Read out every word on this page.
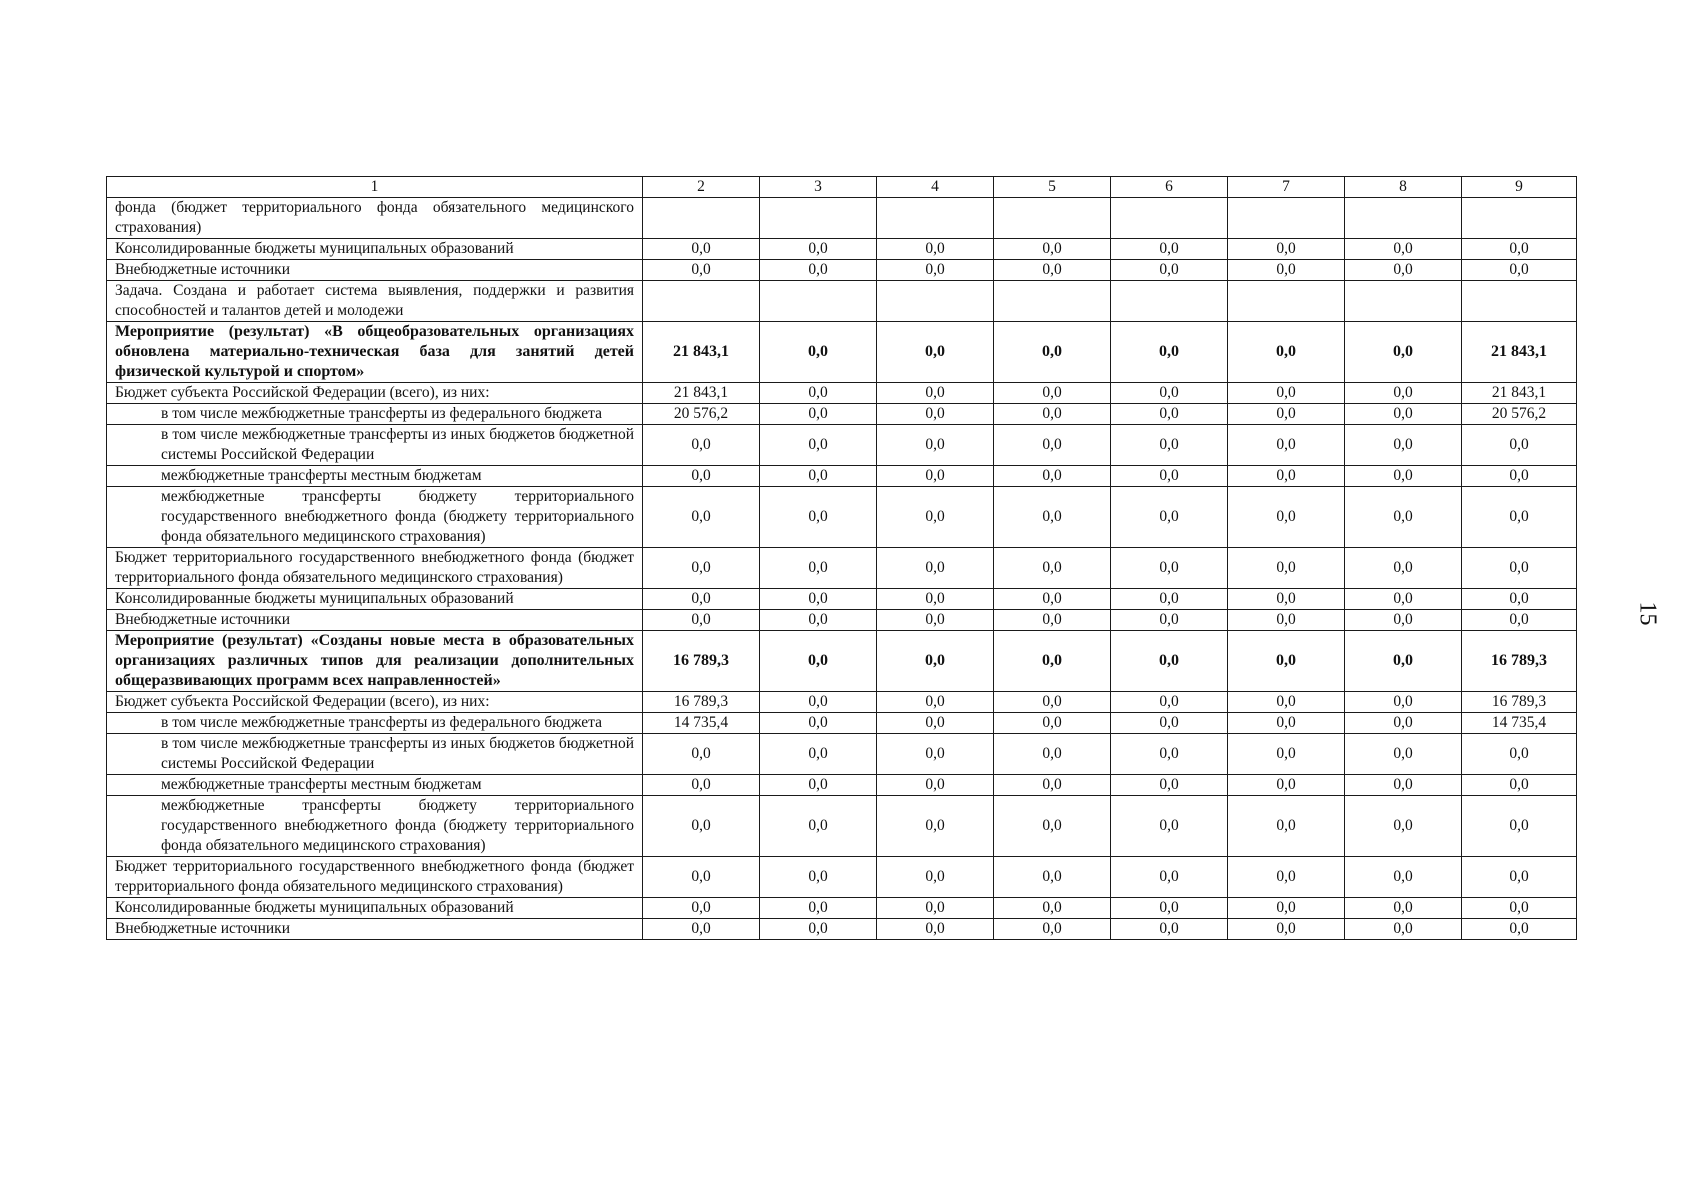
1	2	3	4	5	6	7	8	9
фонда (бюджет территориального фонда обязательного медицинского страхования)								
Консолидированные бюджеты муниципальных образований	0,0	0,0	0,0	0,0	0,0	0,0	0,0	0,0
Внебюджетные источники	0,0	0,0	0,0	0,0	0,0	0,0	0,0	0,0
Задача. Создана и работает система выявления, поддержки и развития способностей и талантов детей и молодежи								
Мероприятие (результат) «В общеобразовательных организациях обновлена материально-техническая база для занятий детей физической культурой и спортом»	21 843,1	0,0	0,0	0,0	0,0	0,0	0,0	21 843,1
Бюджет субъекта Российской Федерации (всего), из них:	21 843,1	0,0	0,0	0,0	0,0	0,0	0,0	21 843,1
в том числе межбюджетные трансферты из федерального бюджета	20 576,2	0,0	0,0	0,0	0,0	0,0	0,0	20 576,2
в том числе межбюджетные трансферты из иных бюджетов бюджетной системы Российской Федерации	0,0	0,0	0,0	0,0	0,0	0,0	0,0	0,0
межбюджетные трансферты местным бюджетам	0,0	0,0	0,0	0,0	0,0	0,0	0,0	0,0
межбюджетные трансферты бюджету территориального государственного внебюджетного фонда (бюджету территориального фонда обязательного медицинского страхования)	0,0	0,0	0,0	0,0	0,0	0,0	0,0	0,0
Бюджет территориального государственного внебюджетного фонда (бюджет территориального фонда обязательного медицинского страхования)	0,0	0,0	0,0	0,0	0,0	0,0	0,0	0,0
Консолидированные бюджеты муниципальных образований	0,0	0,0	0,0	0,0	0,0	0,0	0,0	0,0
Внебюджетные источники	0,0	0,0	0,0	0,0	0,0	0,0	0,0	0,0
Мероприятие (результат) «Созданы новые места в образовательных организациях различных типов для реализации дополнительных общеразвивающих программ всех направленностей»	16 789,3	0,0	0,0	0,0	0,0	0,0	0,0	16 789,3
Бюджет субъекта Российской Федерации (всего), из них:	16 789,3	0,0	0,0	0,0	0,0	0,0	0,0	16 789,3
в том числе межбюджетные трансферты из федерального бюджета	14 735,4	0,0	0,0	0,0	0,0	0,0	0,0	14 735,4
в том числе межбюджетные трансферты из иных бюджетов бюджетной системы Российской Федерации	0,0	0,0	0,0	0,0	0,0	0,0	0,0	0,0
межбюджетные трансферты местным бюджетам	0,0	0,0	0,0	0,0	0,0	0,0	0,0	0,0
межбюджетные трансферты бюджету территориального государственного внебюджетного фонда (бюджету территориального фонда обязательного медицинского страхования)	0,0	0,0	0,0	0,0	0,0	0,0	0,0	0,0
Бюджет территориального государственного внебюджетного фонда (бюджет территориального фонда обязательного медицинского страхования)	0,0	0,0	0,0	0,0	0,0	0,0	0,0	0,0
Консолидированные бюджеты муниципальных образований	0,0	0,0	0,0	0,0	0,0	0,0	0,0	0,0
Внебюджетные источники	0,0	0,0	0,0	0,0	0,0	0,0	0,0	0,0
15
